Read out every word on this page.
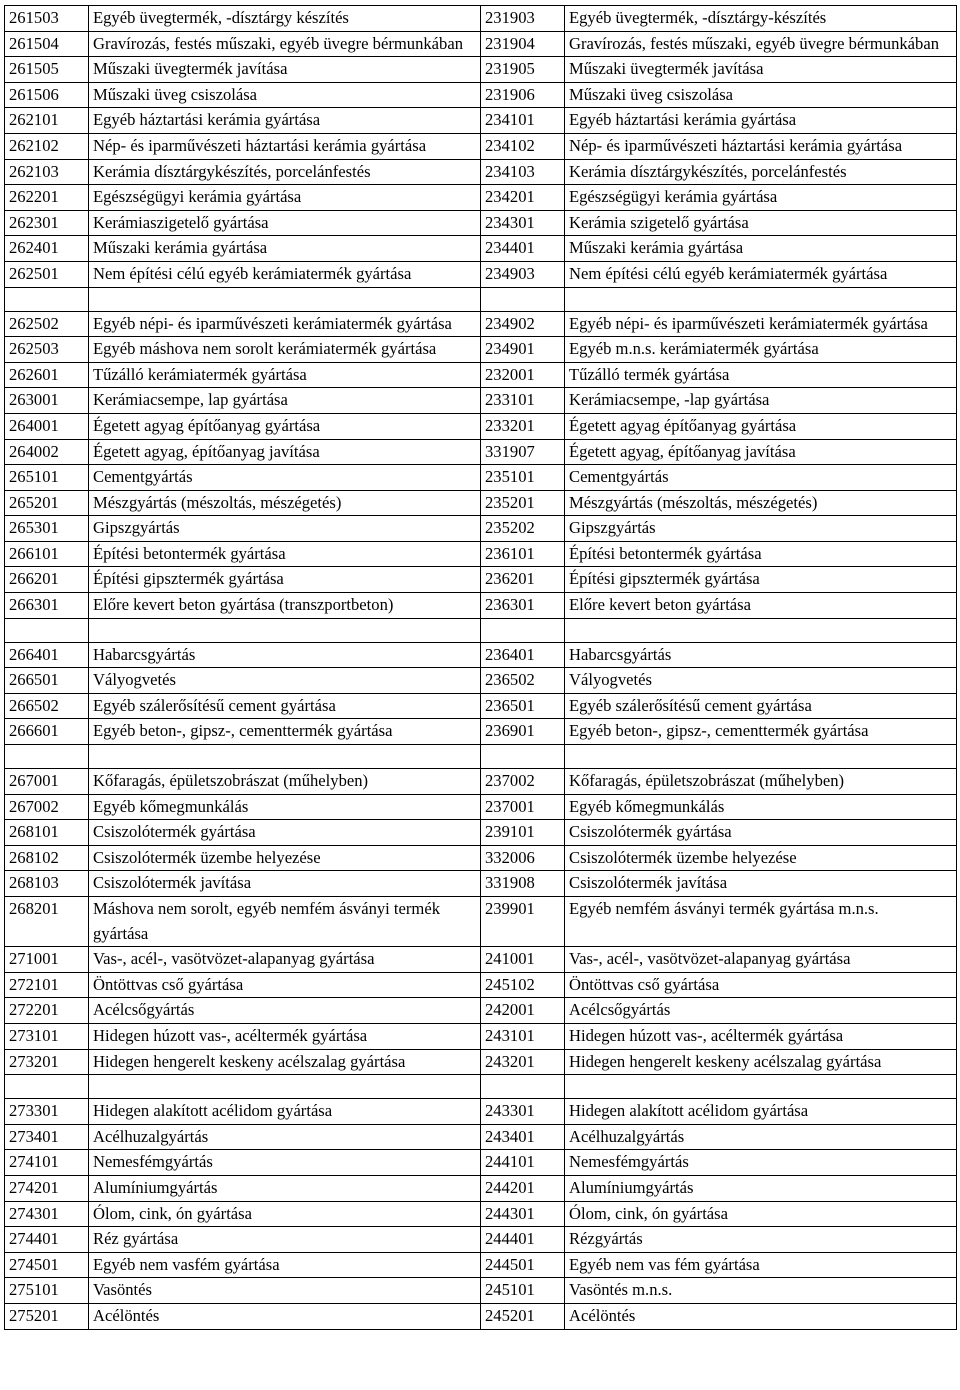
261503	Egyéb üvegtermék, -dísztárgy készítés	231903	Egyéb üvegtermék, -dísztárgy-készítés
261504	Gravírozás, festés műszaki, egyéb üvegre bérmunkában	231904	Gravírozás, festés műszaki, egyéb üvegre bérmunkában
261505	Műszaki üvegtermék javítása	231905	Műszaki üvegtermék javítása
261506	Műszaki üveg csiszolása	231906	Műszaki üveg csiszolása
262101	Egyéb háztartási kerámia gyártása	234101	Egyéb háztartási kerámia gyártása
262102	Nép- és iparművészeti háztartási kerámia gyártása	234102	Nép- és iparművészeti háztartási kerámia gyártása
262103	Kerámia dísztárgykészítés, porcelánfestés	234103	Kerámia dísztárgykészítés, porcelánfestés
262201	Egészségügyi kerámia gyártása	234201	Egészségügyi kerámia gyártása
262301	Kerámiaszigetelő gyártása	234301	Kerámia szigetelő gyártása
262401	Műszaki kerámia gyártása	234401	Műszaki kerámia gyártása
262501	Nem építési célú egyéb kerámiatermék gyártása	234903	Nem építési célú egyéb kerámiatermék gyártása

262502	Egyéb népi- és iparművészeti kerámiatermék gyártása	234902	Egyéb népi- és iparművészeti kerámiatermék gyártása
262503	Egyéb máshova nem sorolt kerámiatermék gyártása	234901	Egyéb m.n.s. kerámiatermék gyártása
262601	Tűzálló kerámiatermék gyártása	232001	Tűzálló termék gyártása
263001	Kerámiacsempe, lap gyártása	233101	Kerámiacsempe, -lap gyártása
264001	Égetett agyag építőanyag gyártása	233201	Égetett agyag építőanyag gyártása
264002	Égetett agyag, építőanyag javítása	331907	Égetett agyag, építőanyag javítása
265101	Cementgyártás	235101	Cementgyártás
265201	Mészgyártás (mészoltás, mészégetés)	235201	Mészgyártás (mészoltás, mészégetés)
265301	Gipszgyártás	235202	Gipszgyártás
266101	Építési betontermék gyártása	236101	Építési betontermék gyártása
266201	Építési gipsztermék gyártása	236201	Építési gipsztermék gyártása
266301	Előre kevert beton gyártása (transzportbeton)	236301	Előre kevert beton gyártása

266401	Habarcsgyártás	236401	Habarcsgyártás
266501	Vályogvetés	236502	Vályogvetés
266502	Egyéb szálerősítésű cement gyártása	236501	Egyéb szálerősítésű cement gyártása
266601	Egyéb beton-, gipsz-, cementtermék gyártása	236901	Egyéb beton-, gipsz-, cementtermék gyártása

267001	Kőfaragás, épületszobrászat (műhelyben)	237002	Kőfaragás, épületszobrászat (műhelyben)
267002	Egyéb kőmegmunkálás	237001	Egyéb kőmegmunkálás
268101	Csiszolótermék gyártása	239101	Csiszolótermék gyártása
268102	Csiszolótermék üzembe helyezése	332006	Csiszolótermék üzembe helyezése
268103	Csiszolótermék javítása	331908	Csiszolótermék javítása
268201	Máshova nem sorolt, egyéb nemfém ásványi termék gyártása	239901	Egyéb nemfém ásványi termék gyártása m.n.s.
271001	Vas-, acél-, vasötvözet-alapanyag gyártása	241001	Vas-, acél-, vasötvözet-alapanyag gyártása
272101	Öntöttvas cső gyártása	245102	Öntöttvas cső gyártása
272201	Acélcsőgyártás	242001	Acélcsőgyártás
273101	Hidegen húzott vas-, acéltermék gyártása	243101	Hidegen húzott vas-, acéltermék gyártása
273201	Hidegen hengerelt keskeny acélszalag gyártása	243201	Hidegen hengerelt keskeny acélszalag gyártása

273301	Hidegen alakított acélidom gyártása	243301	Hidegen alakított acélidom gyártása
273401	Acélhuzalgyártás	243401	Acélhuzalgyártás
274101	Nemesfémgyártás	244101	Nemesfémgyártás
274201	Alumíniumgyártás	244201	Alumíniumgyártás
274301	Ólom, cink, ón gyártása	244301	Ólom, cink, ón gyártása
274401	Réz gyártása	244401	Rézgyártás
274501	Egyéb nem vasfém gyártása	244501	Egyéb nem vas fém gyártása
275101	Vasöntés	245101	Vasöntés m.n.s.
275201	Acélöntés	245201	Acélöntés
